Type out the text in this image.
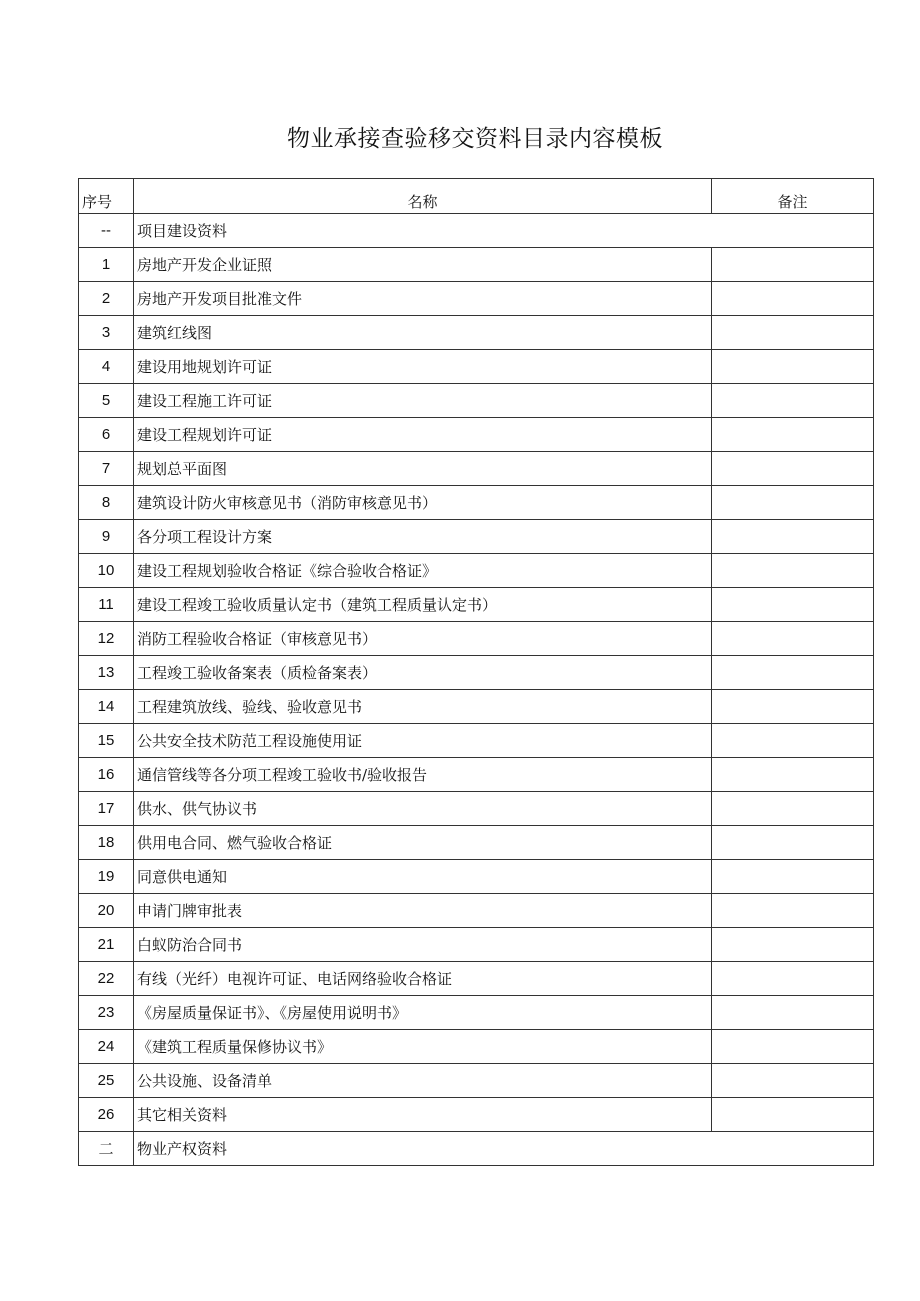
物业承接查验移交资料目录内容模板
序号	名称	备注
--	项目建设资料	
1	房地产开发企业证照	
2	房地产开发项目批准文件	
3	建筑红线图	
4	建设用地规划许可证	
5	建设工程施工许可证	
6	建设工程规划许可证	
7	规划总平面图	
8	建筑设计防火审核意见书（消防审核意见书）	
9	各分项工程设计方案	
10	建设工程规划验收合格证《综合验收合格证》	
11	建设工程竣工验收质量认定书（建筑工程质量认定书）	
12	消防工程验收合格证（审核意见书）	
13	工程竣工验收备案表（质检备案表）	
14	工程建筑放线、验线、验收意见书	
15	公共安全技术防范工程设施使用证	
16	通信管线等各分项工程竣工验收书/验收报告	
17	供水、供气协议书	
18	供用电合同、燃气验收合格证	
19	同意供电通知	
20	申请门牌审批表	
21	白蚁防治合同书	
22	有线（光纤）电视许可证、电话网络验收合格证	
23	《房屋质量保证书》、《房屋使用说明书》	
24	《建筑工程质量保修协议书》	
25	公共设施、设备清单	
26	其它相关资料	
二	物业产权资料	
